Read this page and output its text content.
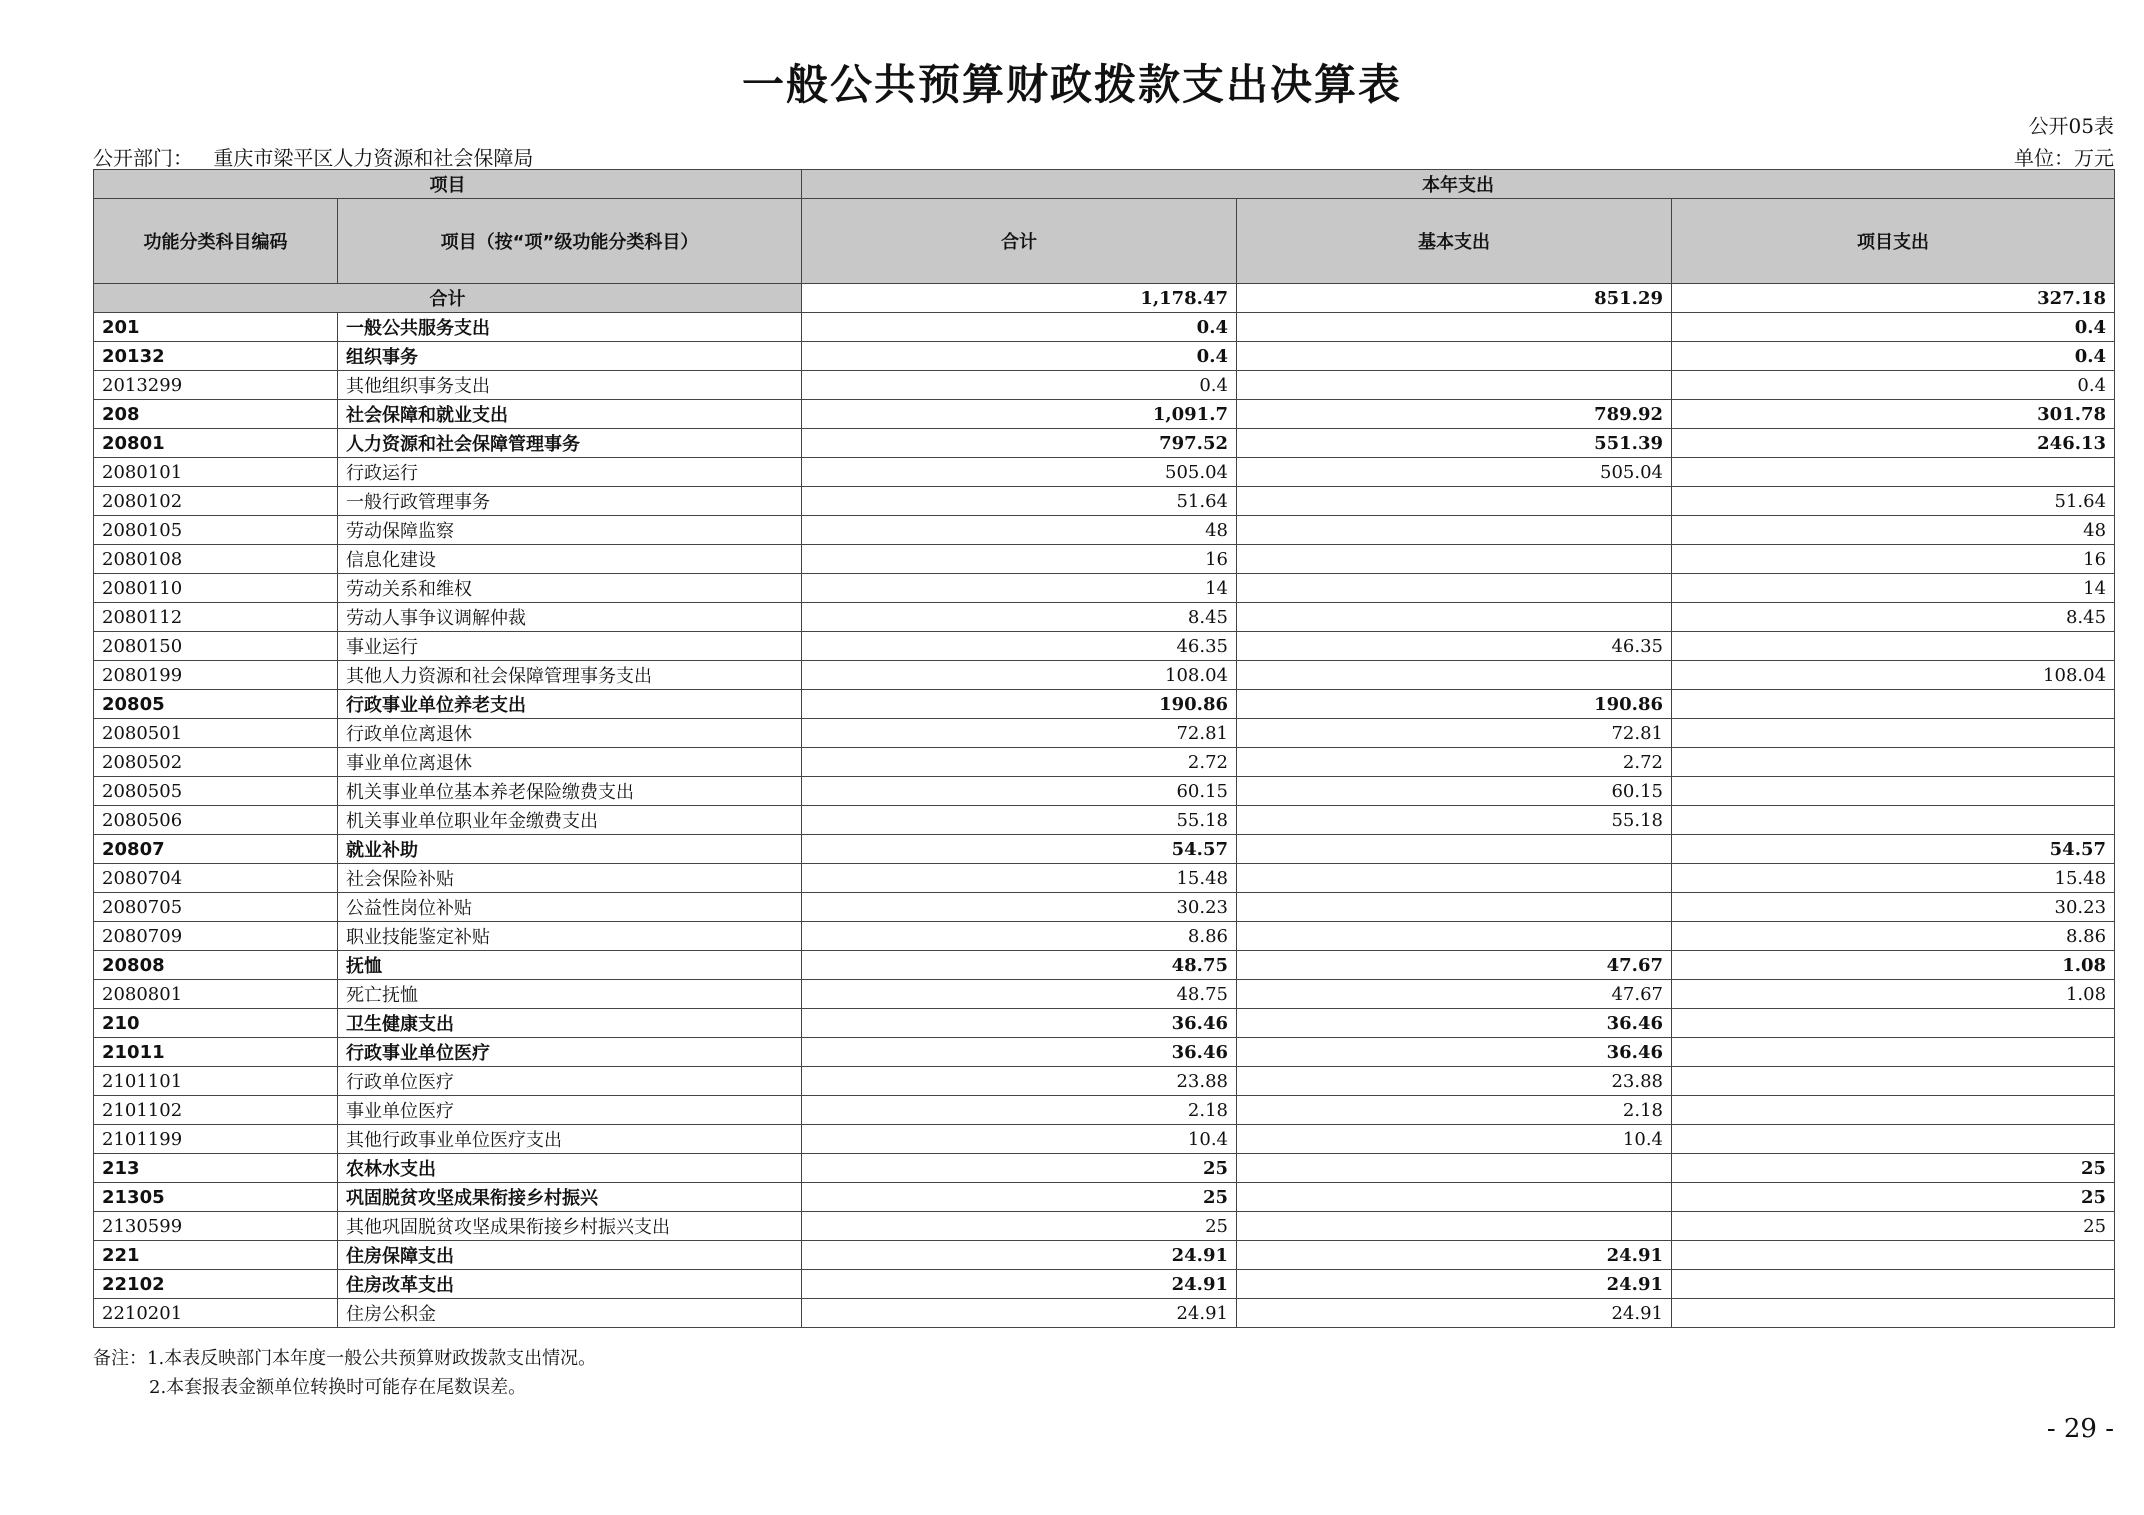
一般公共预算财政拨款支出决算表
公开05表
公开部门： 重庆市梁平区人力资源和社会保障局	单位：万元
项目		本年支出		
功能分类科目编码	项目（按“项”级功能分类科目）	合计	基本支出	项目支出
合计		1,178.47	851.29	327.18
201	一般公共服务支出	0.4		0.4
20132	组织事务	0.4		0.4
2013299	其他组织事务支出	0.4		0.4
208	社会保障和就业支出	1,091.7	789.92	301.78
20801	人力资源和社会保障管理事务	797.52	551.39	246.13
2080101	行政运行	505.04	505.04	
2080102	一般行政管理事务	51.64		51.64
2080105	劳动保障监察	48		48
2080108	信息化建设	16		16
2080110	劳动关系和维权	14		14
2080112	劳动人事争议调解仲裁	8.45		8.45
2080150	事业运行	46.35	46.35	
2080199	其他人力资源和社会保障管理事务支出	108.04		108.04
20805	行政事业单位养老支出	190.86	190.86	
2080501	行政单位离退休	72.81	72.81	
2080502	事业单位离退休	2.72	2.72	
2080505	机关事业单位基本养老保险缴费支出	60.15	60.15	
2080506	机关事业单位职业年金缴费支出	55.18	55.18	
20807	就业补助	54.57		54.57
2080704	社会保险补贴	15.48		15.48
2080705	公益性岗位补贴	30.23		30.23
2080709	职业技能鉴定补贴	8.86		8.86
20808	抚恤	48.75	47.67	1.08
2080801	死亡抚恤	48.75	47.67	1.08
210	卫生健康支出	36.46	36.46	
21011	行政事业单位医疗	36.46	36.46	
2101101	行政单位医疗	23.88	23.88	
2101102	事业单位医疗	2.18	2.18	
2101199	其他行政事业单位医疗支出	10.4	10.4	
213	农林水支出	25		25
21305	巩固脱贫攻坚成果衔接乡村振兴	25		25
2130599	其他巩固脱贫攻坚成果衔接乡村振兴支出	25		25
221	住房保障支出	24.91	24.91	
22102	住房改革支出	24.91	24.91	
2210201	住房公积金	24.91	24.91	
备注：1.本表反映部门本年度一般公共预算财政拨款支出情况。
2.本套报表金额单位转换时可能存在尾数误差。
- 29 -
